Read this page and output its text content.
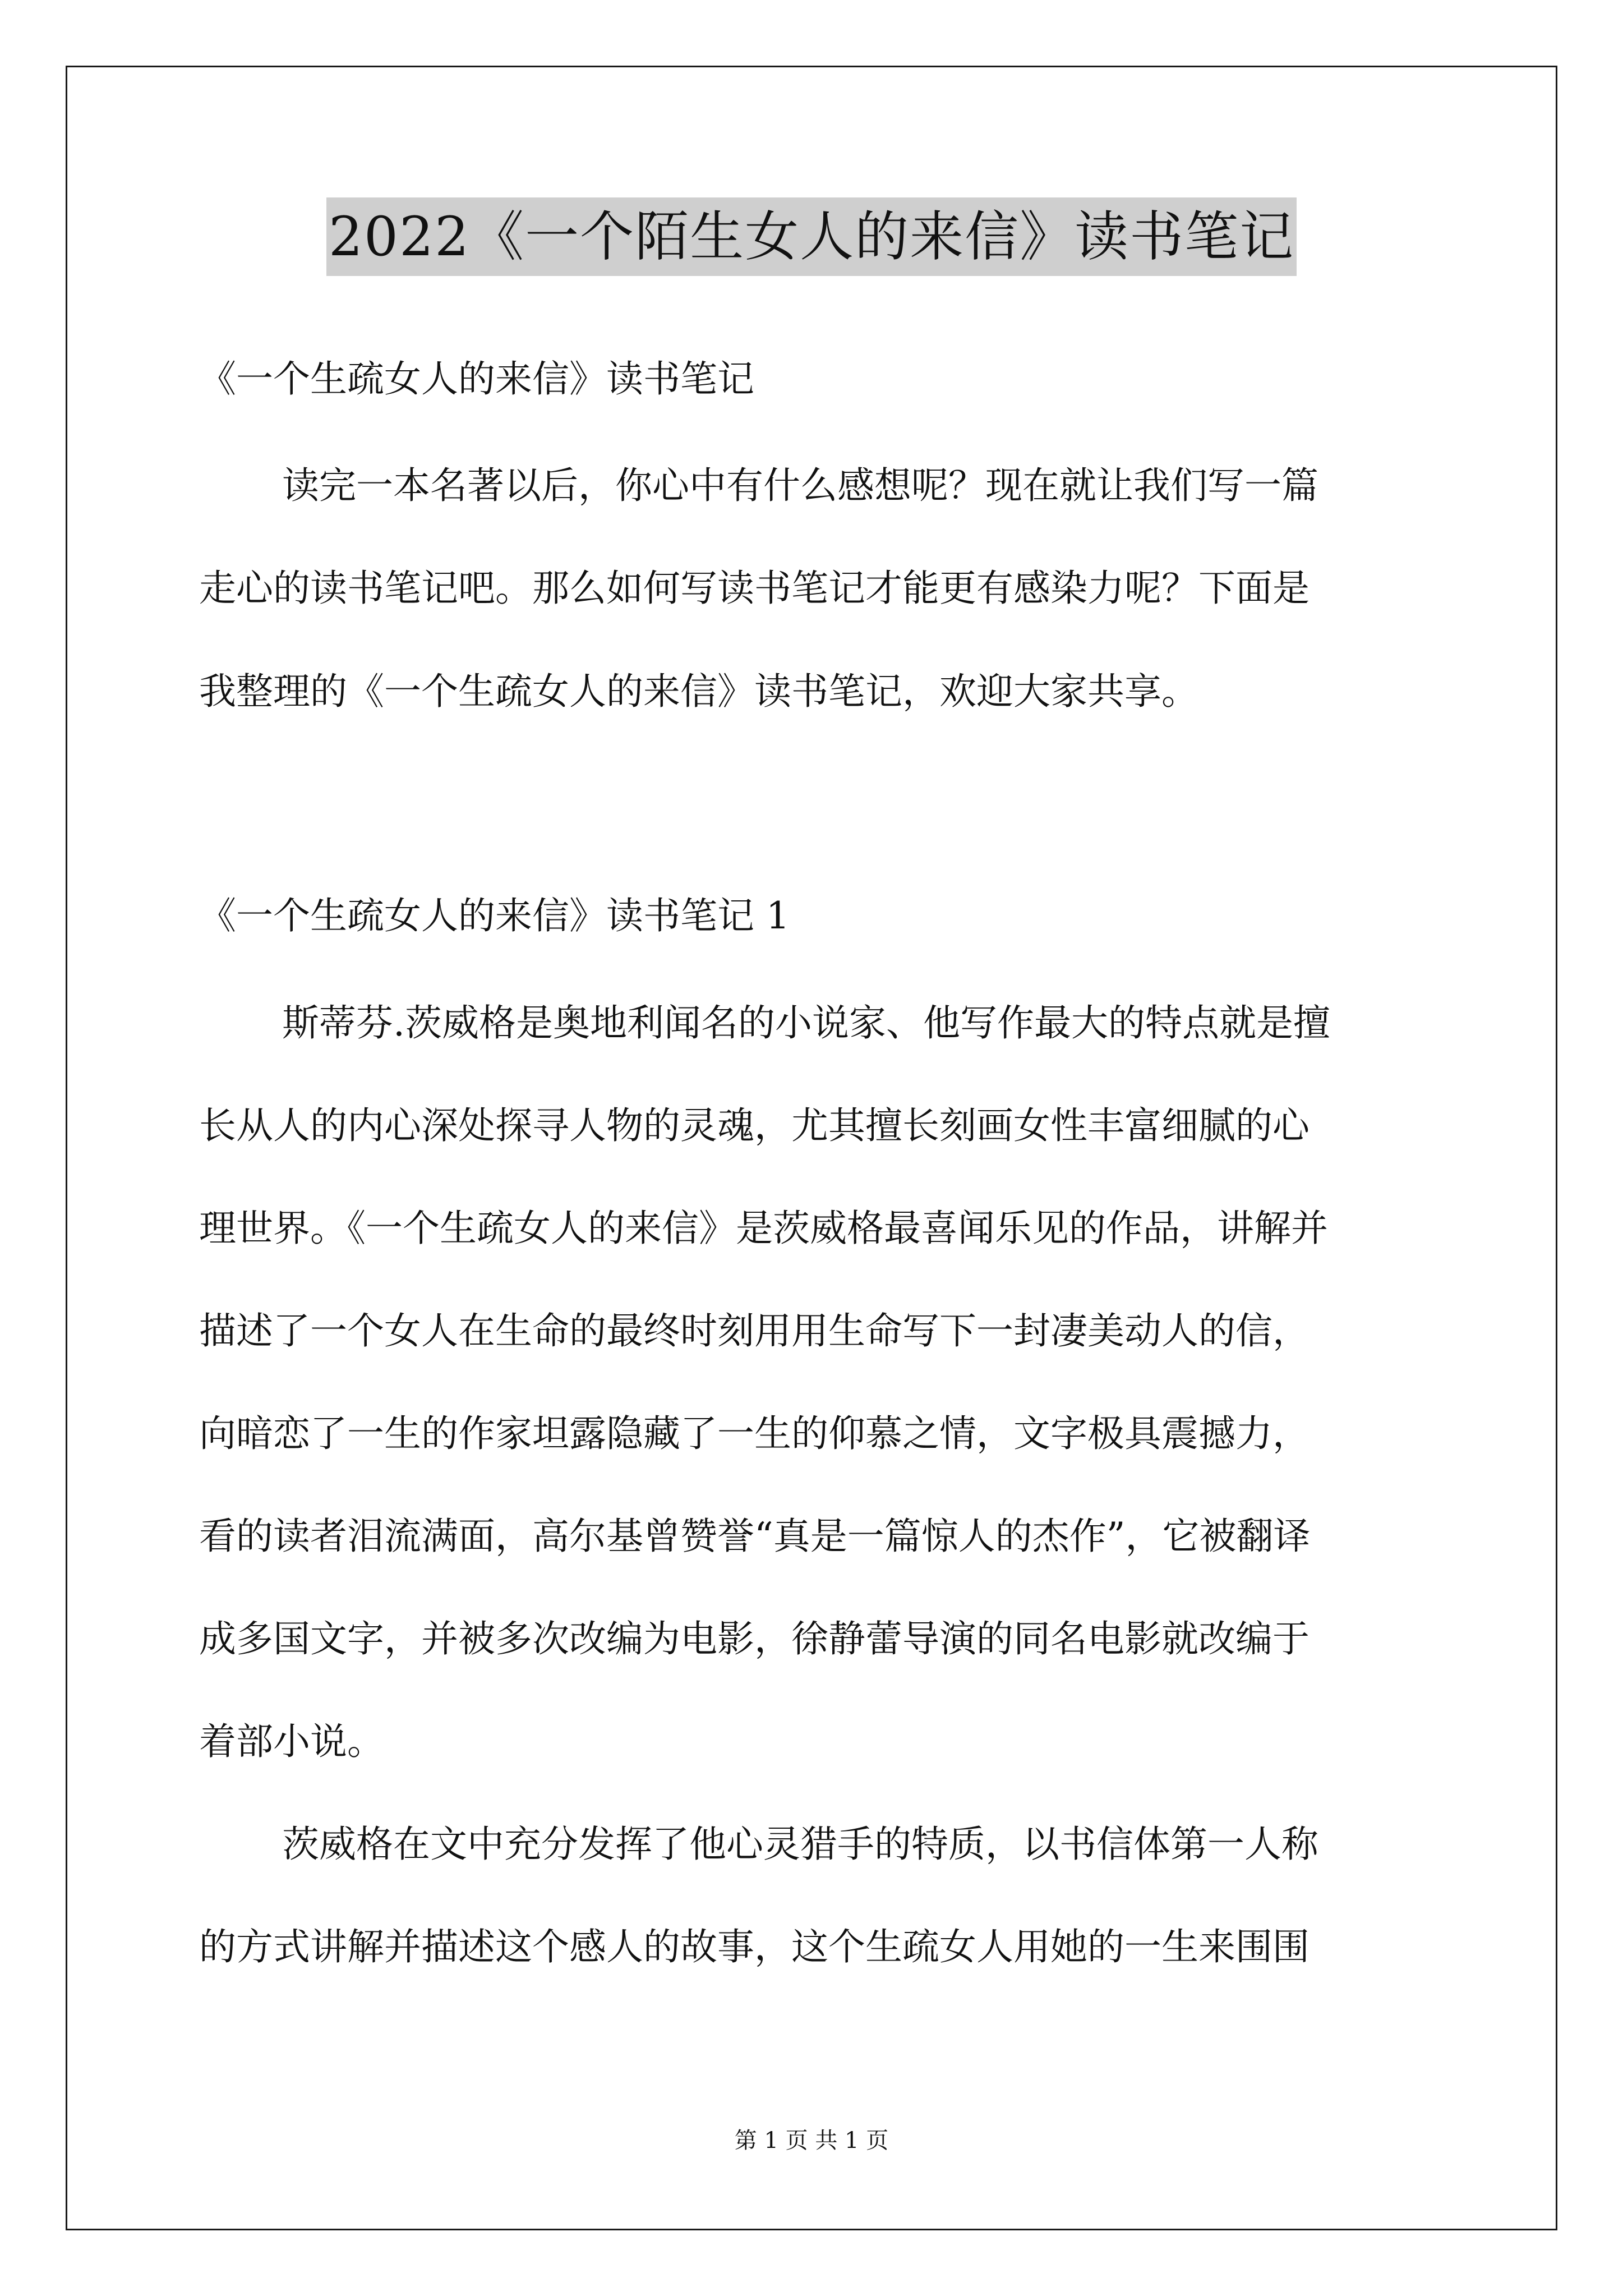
2022《一个陌生女人的来信》读书笔记
《一个生疏女人的来信》读书笔记
读完一本名著以后，你心中有什么感想呢？现在就让我们写一篇
走心的读书笔记吧。那么如何写读书笔记才能更有感染力呢？下面是
我整理的《一个生疏女人的来信》读书笔记，欢迎大家共享。
《一个生疏女人的来信》读书笔记 1
斯蒂芬.茨威格是奥地利闻名的小说家、他写作最大的特点就是擅
长从人的内心深处探寻人物的灵魂，尤其擅长刻画女性丰富细腻的心
理世界。《一个生疏女人的来信》是茨威格最喜闻乐见的作品，讲解并
描述了一个女人在生命的最终时刻用用生命写下一封凄美动人的信，
向暗恋了一生的作家坦露隐藏了一生的仰慕之情，文字极具震撼力，
看的读者泪流满面，高尔基曾赞誉“真是一篇惊人的杰作”，它被翻译
成多国文字，并被多次改编为电影，徐静蕾导演的同名电影就改编于
着部小说。
茨威格在文中充分发挥了他心灵猎手的特质，以书信体第一人称
的方式讲解并描述这个感人的故事，这个生疏女人用她的一生来围围
第 1 页 共 1 页
